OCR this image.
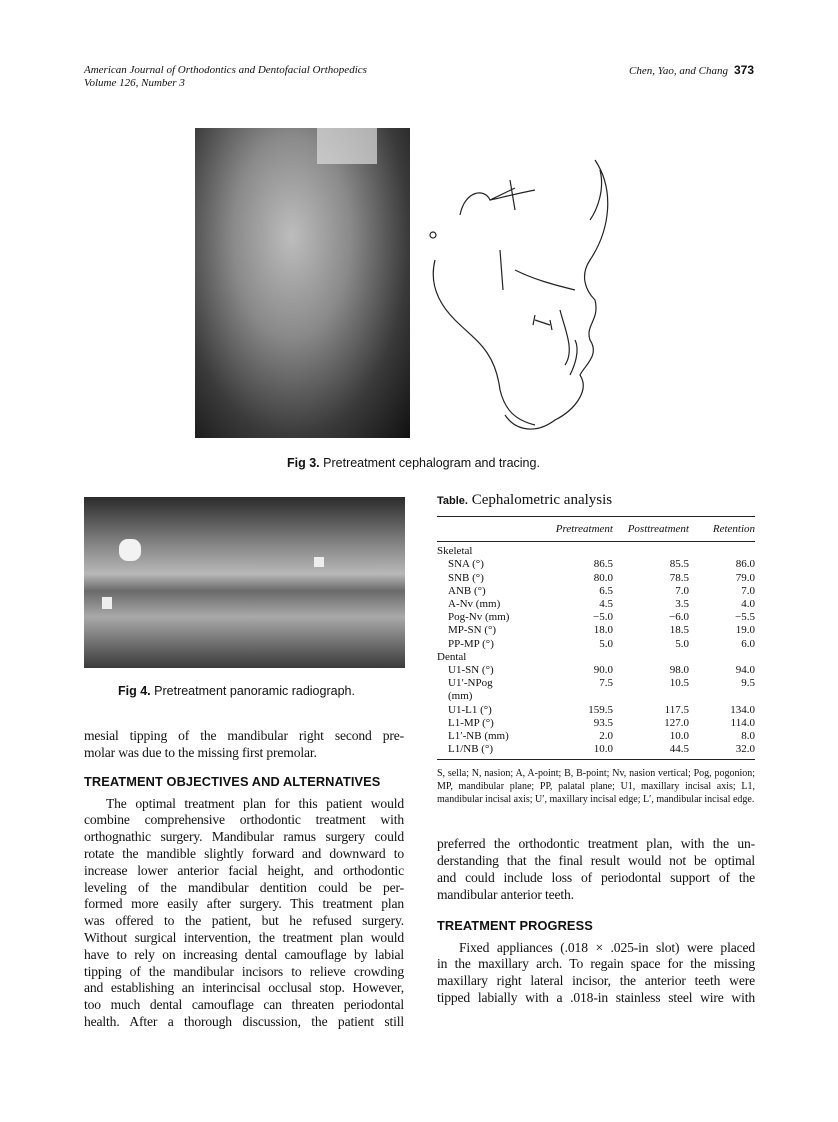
American Journal of Orthodontics and Dentofacial Orthopedics
Volume 126, Number 3
Chen, Yao, and Chang 373
Fig 3. Pretreatment cephalogram and tracing.
Fig 4. Pretreatment panoramic radiograph.
mesial tipping of the mandibular right second pre-
molar was due to the missing first premolar.
TREATMENT OBJECTIVES AND ALTERNATIVES
The optimal treatment plan for this patient would
combine comprehensive orthodontic treatment with
orthognathic surgery. Mandibular ramus surgery could
rotate the mandible slightly forward and downward to
increase lower anterior facial height, and orthodontic
leveling of the mandibular dentition could be per-
formed more easily after surgery. This treatment plan
was offered to the patient, but he refused surgery.
Without surgical intervention, the treatment plan would
have to rely on increasing dental camouflage by labial
tipping of the mandibular incisors to relieve crowding
and establishing an interincisal occlusal stop. However,
too much dental camouflage can threaten periodontal
health. After a thorough discussion, the patient still
Table. Cephalometric analysis
	Pretreatment	Posttreatment	Retention
Skeletal			
SNA (°)	86.5	85.5	86.0
SNB (°)	80.0	78.5	79.0
ANB (°)	6.5	7.0	7.0
A-Nv (mm)	4.5	3.5	4.0
Pog-Nv (mm)	−5.0	−6.0	−5.5
MP-SN (°)	18.0	18.5	19.0
PP-MP (°)	5.0	5.0	6.0
Dental			
U1-SN (°)	90.0	98.0	94.0
U1′-NPog	7.5	10.5	9.5
(mm)			
U1-L1 (°)	159.5	117.5	134.0
L1-MP (°)	93.5	127.0	114.0
L1′-NB (mm)	2.0	10.0	8.0
L1/NB (°)	10.0	44.5	32.0
S, sella; N, nasion; A, A-point; B, B-point; Nv, nasion vertical; Pog, pogonion; MP, mandibular plane; PP, palatal plane; U1, maxillary incisal axis; L1, mandibular incisal axis; U′, maxillary incisal edge; L′, mandibular incisal edge.
preferred the orthodontic treatment plan, with the un-
derstanding that the final result would not be optimal
and could include loss of periodontal support of the
mandibular anterior teeth.
TREATMENT PROGRESS
Fixed appliances (.018 × .025-in slot) were placed
in the maxillary arch. To regain space for the missing
maxillary right lateral incisor, the anterior teeth were
tipped labially with a .018-in stainless steel wire with
